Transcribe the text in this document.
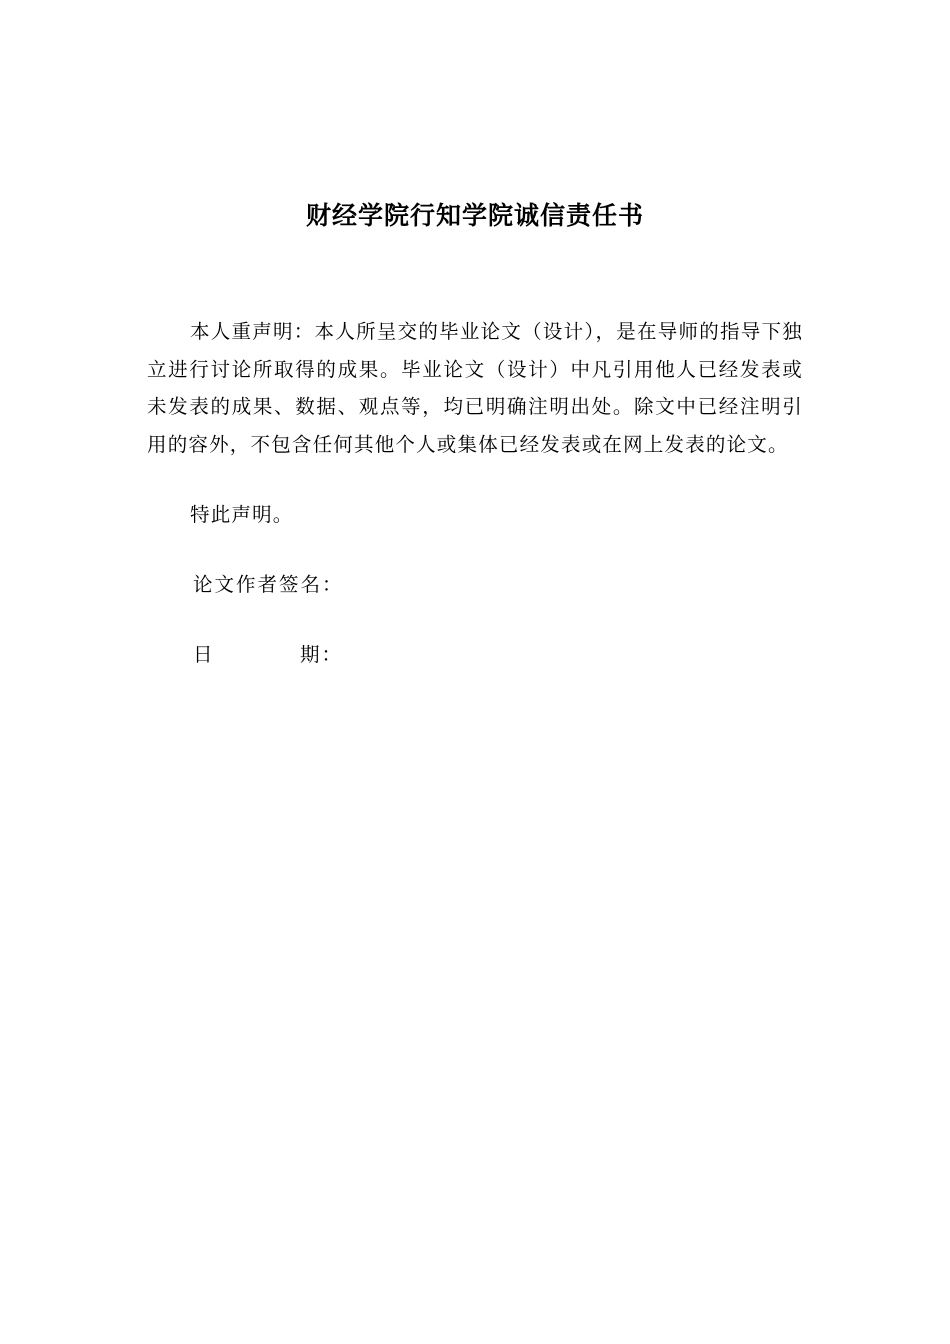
财经学院行知学院诚信责任书

本人重声明：本人所呈交的毕业论文（设计），是在导师的指导下独立进行讨论所取得的成果。毕业论文（设计）中凡引用他人已经发表或未发表的成果、数据、观点等，均已明确注明出处。除文中已经注明引用的容外，不包含任何其他个人或集体已经发表或在网上发表的论文。

特此声明。

论文作者签名：
日	期：
